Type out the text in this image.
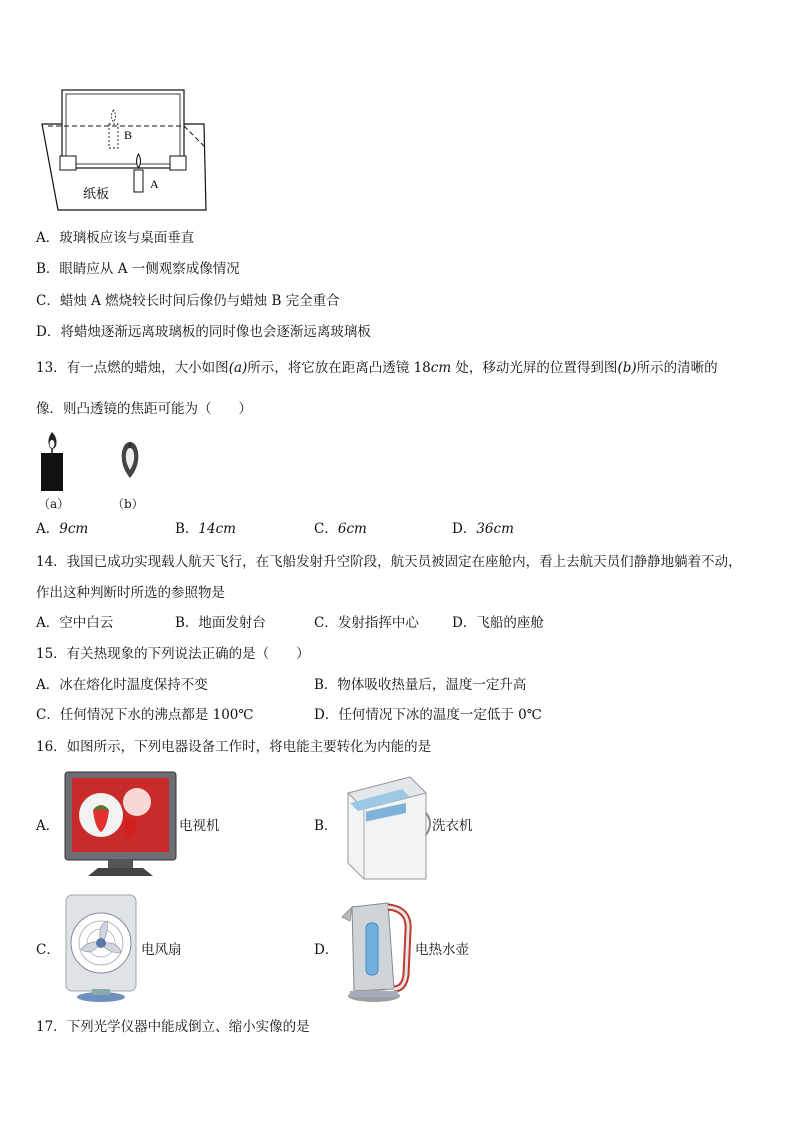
B
A
纸板
A．玻璃板应该与桌面垂直
B．眼睛应从 A 一侧观察成像情况
C．蜡烛 A 燃烧较长时间后像仍与蜡烛 B 完全重合
D．将蜡烛逐渐远离玻璃板的同时像也会逐渐远离玻璃板
13．有一点燃的蜡烛，大小如图(a)所示，将它放在距离凸透镜 18cm 处，移动光屏的位置得到图(b)所示的清晰的
像．则凸透镜的焦距可能为（　　）
（a）	（b）
A．9cm	B．14cm	C．6cm	D．36cm
14．我国已成功实现载人航天飞行，在飞船发射升空阶段，航天员被固定在座舱内，看上去航天员们静静地躺着不动，
作出这种判断时所选的参照物是
A．空中白云	B．地面发射台	C．发射指挥中心 D．飞船的座舱
15．有关热现象的下列说法正确的是（　　）
A．冰在熔化时温度保持不变	B．物体吸收热量后，温度一定升高
C．任何情况下水的沸点都是 100℃	D．任何情况下冰的温度一定低于 0℃
16．如图所示，下列电器设备工作时，将电能主要转化为内能的是
A．	电视机	B．	洗衣机
C．	电风扇	D．	电热水壶
17．下列光学仪器中能成倒立、缩小实像的是
